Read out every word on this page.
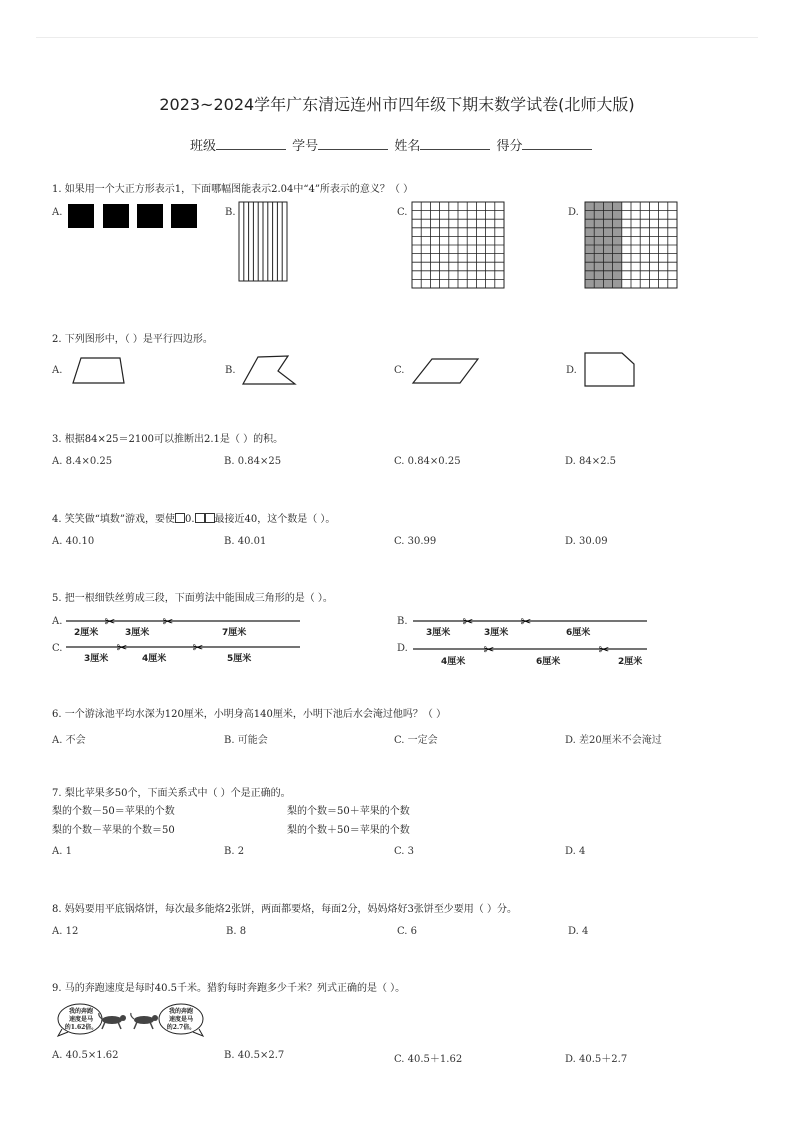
2023~2024学年广东清远连州市四年级下期末数学试卷(北师大版)
班级	学号	姓名	得分
1. 如果用一个大正方形表示1，下面哪幅图能表示2.04中“4”所表示的意义？（ ）
A.	B.	C.	D.
2. 下列图形中，（ ）是平行四边形。
A.	B.	C.	D.
3. 根据84×25＝2100可以推断出2.1是（ ）的积。
A. 8.4×0.25	B. 0.84×25	C. 0.84×0.25	D. 84×2.5
4. 笑笑做“填数”游戏，要使 0. 最接近40，这个数是（ ）。
A. 40.10	B. 40.01	C. 30.99	D. 30.09
5. 把一根细铁丝剪成三段，下面剪法中能围成三角形的是（ ）。
A.	B.
C.	D.
✂	✂
2厘米	3厘米	7厘米
✂	✂
3厘米	3厘米	6厘米
✂	✂
3厘米	4厘米	5厘米
✂	✂
4厘米	6厘米	2厘米
6. 一个游泳池平均水深为120厘米，小明身高140厘米，小明下池后水会淹过他吗？（ ）
A. 不会	B. 可能会	C. 一定会	D. 差20厘米不会淹过
7. 梨比苹果多50个，下面关系式中（ ）个是正确的。
梨的个数－50＝苹果的个数	梨的个数＝50＋苹果的个数
梨的个数－苹果的个数＝50	梨的个数＋50＝苹果的个数
A. 1	B. 2	C. 3	D. 4
8. 妈妈要用平底锅烙饼，每次最多能烙2张饼，两面都要烙，每面2分，妈妈烙好3张饼至少要用（ ）分。
A. 12	B. 8	C. 6	D. 4
9. 马的奔跑速度是每时40.5千米。猎豹每时奔跑多少千米？列式正确的是（ ）。
我的奔跑
速度是马
的1.62倍。
我的奔跑
速度是马
的2.7倍。
A. 40.5×1.62	B. 40.5×2.7	C. 40.5＋1.62	D. 40.5＋2.7
